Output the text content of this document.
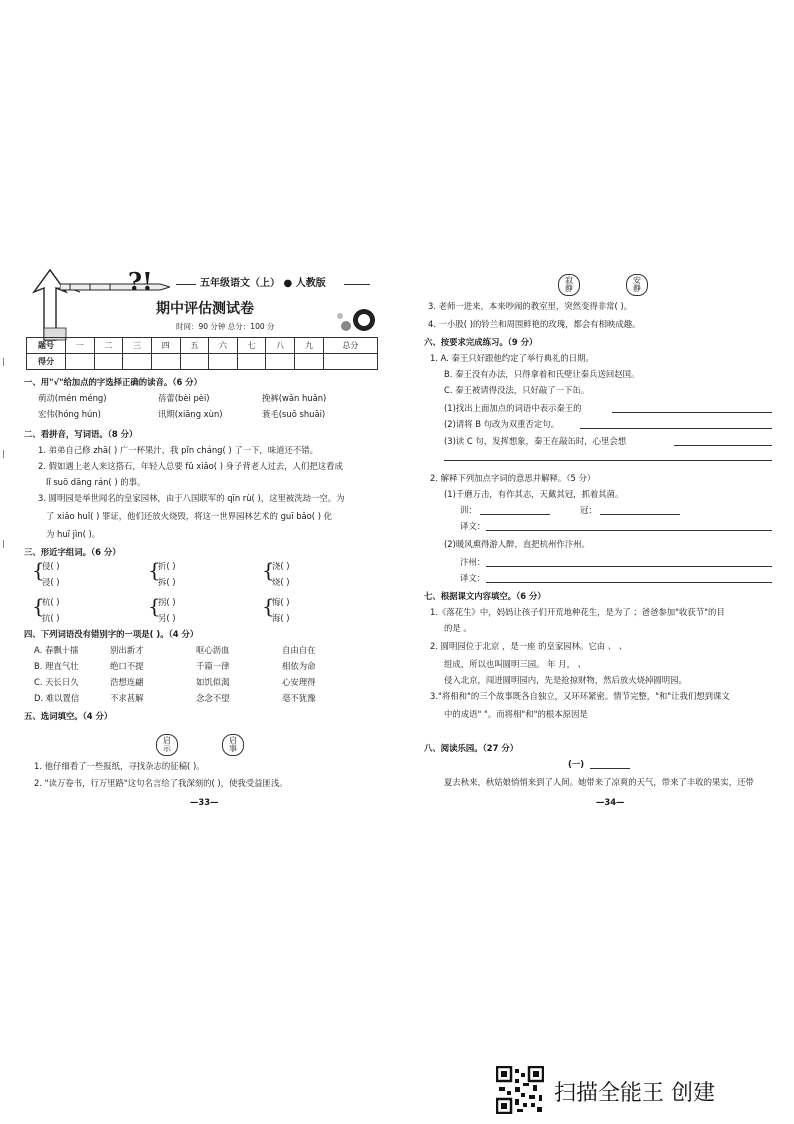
?!	五年级语文（上） ● 人教版
期中评估测试卷
时间：90 分钟 总分：100 分
题号	一	二	三	四	五	六	七	八	九	总分
得分										
|
|
|
一、用"√"给加点的字选择正确的读音。（6 分）
萌动(mén méng)	蓓蕾(bèi pèi)	挽裤(wǎn huǎn)
宏伟(hóng hún)	讯期(xiāng xùn)	蓑毛(suō shuāi)
二、看拼音，写词语。（8 分）
1. 弟弟自己修 zhā( ) 广一杯果汁，我 pǐn cháng( ) 了一下，味道还不错。
2. 假如遇上老人来这搭石，年轻人总要 fǔ xiǎo( ) 身子背老人过去，人们把这看成
lǐ suō dāng rán( ) 的事。
3. 圆明园是举世闻名的皇家园林，由于八国联军的 qīn rù( )，这里被洗劫一空。为
了 xiǎo huǐ( ) 罪证，他们还放火烧毁，将这一世界园林艺术的 guī bǎo( ) 化
为 huī jìn( )。
三、形近字组词。（6 分）
{
侵( )
浸( )	{
折( )
拆( )	{
浇( )
烧( )
{
杭( )
抗( )	{
拐( )
另( )	{
悔( )
海( )
四、下列词语没有错别字的一项是( )。（4 分）
A. 春飘十擂	别出新才	呕心沥血	自由自在
B. 理直气壮	绝口不提	千篇一律	相依为命
C. 天长日久	浩想连翩	如饥似渴	心安理得
D. 难以置信	不求甚解	念念不望	毫不犹豫
五、选词填空。（4 分）
启示
启事
1. 他仔细看了一些报纸，寻找杂志的征稿( )。
2. "读万卷书，行万里路"这句名言给了我深刻的( )，使我受益匪浅。
—33—
寂静
安静
3. 老师一进来，本来吵闹的教室里，突然变得非常( )。
4. 一小股( )的铃兰和周围鲜艳的玫瑰，都会有相映成趣。
六、按要求完成练习。（9 分）
1. A. 秦王只好跟他约定了举行典礼的日期。
B. 秦王没有办法，只得拿着和氏壁让秦兵送回赵国。
C. 秦王被请得没法，只好敲了一下缶。
(1)找出上面加点的词语中表示秦王的
(2)请将 B 句改为双重否定句。
(3)读 C 句，发挥想象，秦王在敲缶时，心里会想
2. 解释下列加点字词的意思并解释。（5 分）
(1)千磨万击，有作其志，天戴其冠，抓着其菌。
训：	冠：
译文：
(2)暖风熏得游人醉，直把杭州作汴州。
汴州：
译文：
七、根据课文内容填空。（6 分）
1.《落花生》中，妈妈让孩子们开荒地种花生，是为了 ；爸爸参加"收获节"的目
的是 。
2. 圆明园位于北京 ，是一座 的皇家园林。它由 、 、
组成，所以也叫圆明三园。 年 月， 、
侵入北京，闯进圆明园内，先是抢掠财物，然后放火烧掉圆明园。
3."将相和"的三个故事既各自独立，又环环紧密。情节完整，"和"让我们想到课文
中的成语" "。而将相"和"的根本原因是
八、阅读乐园。（27 分）
(一)
夏去秋来，秋姑娘悄悄来到了人间。她带来了凉爽的天气，带来了丰收的果实，还带
—34—
扫描全能王 创建
